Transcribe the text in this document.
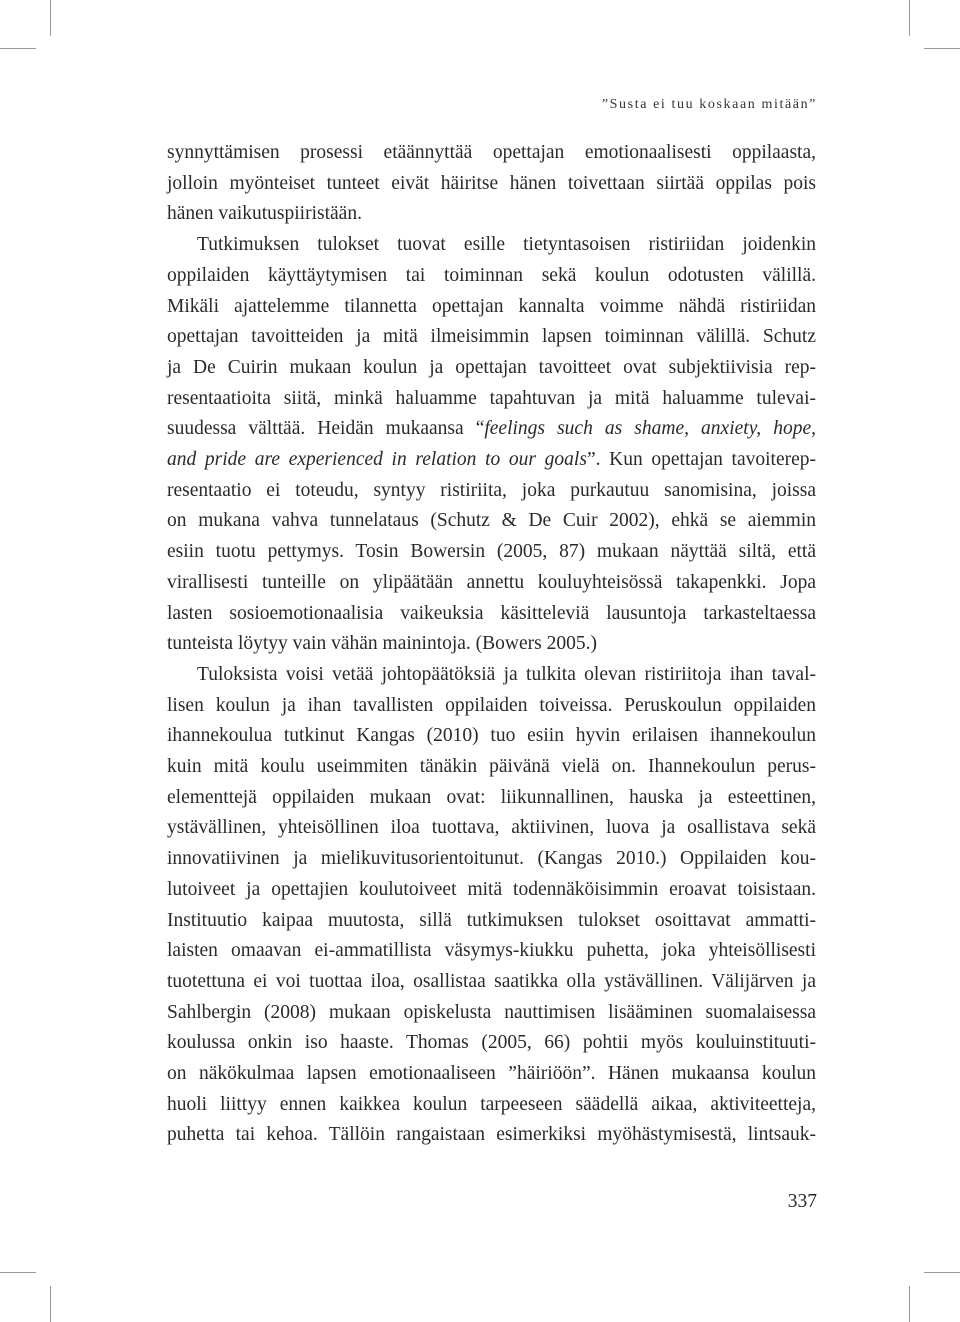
”Susta ei tuu koskaan mitään”

synnyttämisen prosessi etäännyttää opettajan emotionaalisesti oppilaasta,

jolloin myönteiset tunteet eivät häiritse hänen toivettaan siirtää oppilas pois

hänen vaikutuspiiristään.

Tutkimuksen tulokset tuovat esille tietyntasoisen ristiriidan joidenkin

oppilaiden käyttäytymisen tai toiminnan sekä koulun odotusten välillä.

Mikäli ajattelemme tilannetta opettajan kannalta voimme nähdä ristiriidan

opettajan tavoitteiden ja mitä ilmeisimmin lapsen toiminnan välillä. Schutz

ja De Cuirin mukaan koulun ja opettajan tavoitteet ovat subjektiivisia rep-

resentaatioita siitä, minkä haluamme tapahtuvan ja mitä haluamme tulevai-

suudessa välttää. Heidän mukaansa “feelings such as shame, anxiety, hope,

and pride are experienced in relation to our goals”. Kun opettajan tavoiterep-

resentaatio ei toteudu, syntyy ristiriita, joka purkautuu sanomisina, joissa

on mukana vahva tunnelataus (Schutz & De Cuir 2002), ehkä se aiemmin

esiin tuotu pettymys. Tosin Bowersin (2005, 87) mukaan näyttää siltä, että

virallisesti tunteille on ylipäätään annettu kouluyhteisössä takapenkki. Jopa

lasten sosioemotionaalisia vaikeuksia käsitteleviä lausuntoja tarkasteltaessa

tunteista löytyy vain vähän mainintoja. (Bowers 2005.)

Tuloksista voisi vetää johtopäätöksiä ja tulkita olevan ristiriitoja ihan taval-

lisen koulun ja ihan tavallisten oppilaiden toiveissa. Peruskoulun oppilaiden

ihannekoulua tutkinut Kangas (2010) tuo esiin hyvin erilaisen ihannekoulun

kuin mitä koulu useimmiten tänäkin päivänä vielä on. Ihannekoulun perus-

elementtejä oppilaiden mukaan ovat: liikunnallinen, hauska ja esteettinen,

ystävällinen, yhteisöllinen iloa tuottava, aktiivinen, luova ja osallistava sekä

innovatiivinen ja mielikuvitusorientoitunut. (Kangas 2010.) Oppilaiden kou-

lutoiveet ja opettajien koulutoiveet mitä todennäköisimmin eroavat toisistaan.

Instituutio kaipaa muutosta, sillä tutkimuksen tulokset osoittavat ammatti-

laisten omaavan ei-ammatillista väsymys-kiukku puhetta, joka yhteisöllisesti

tuotettuna ei voi tuottaa iloa, osallistaa saatikka olla ystävällinen. Välijärven ja

Sahlbergin (2008) mukaan opiskelusta nauttimisen lisääminen suomalaisessa

koulussa onkin iso haaste. Thomas (2005, 66) pohtii myös kouluinstituuti-

on näkökulmaa lapsen emotionaaliseen ”häiriöön”. Hänen mukaansa koulun

huoli liittyy ennen kaikkea koulun tarpeeseen säädellä aikaa, aktiviteetteja,

puhetta tai kehoa. Tällöin rangaistaan esimerkiksi myöhästymisestä, lintsauk-

337
